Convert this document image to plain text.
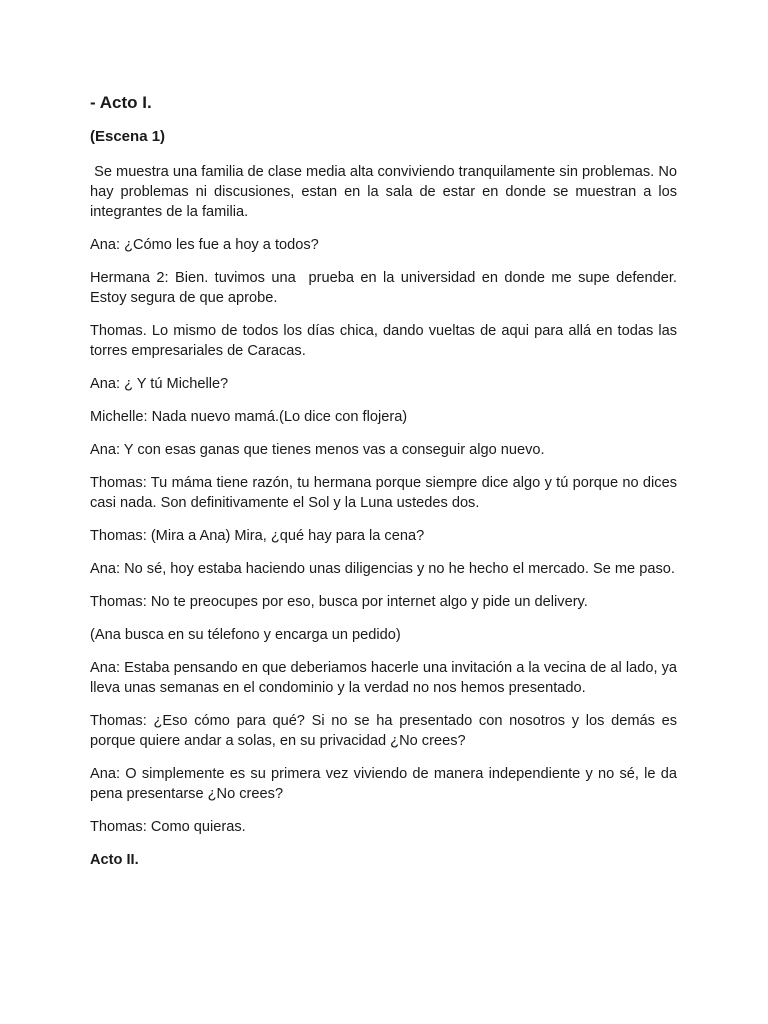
- Acto I.
(Escena 1)

Se muestra una familia de clase media alta conviviendo tranquilamente sin problemas. No hay problemas ni discusiones, estan en la sala de estar en donde se muestran a los integrantes de la familia.

Ana: ¿Cómo les fue a hoy a todos?

Hermana 2: Bien. tuvimos una  prueba en la universidad en donde me supe defender. Estoy segura de que aprobe.

Thomas. Lo mismo de todos los días chica, dando vueltas de aqui para allá en todas las torres empresariales de Caracas.

Ana: ¿ Y tú Michelle?

Michelle: Nada nuevo mamá.(Lo dice con flojera)

Ana: Y con esas ganas que tienes menos vas a conseguir algo nuevo.

Thomas: Tu máma tiene razón, tu hermana porque siempre dice algo y tú porque no dices casi nada. Son definitivamente el Sol y la Luna ustedes dos.

Thomas: (Mira a Ana) Mira, ¿qué hay para la cena?

Ana: No sé, hoy estaba haciendo unas diligencias y no he hecho el mercado. Se me paso.

Thomas: No te preocupes por eso, busca por internet algo y pide un delivery.

(Ana busca en su télefono y encarga un pedido)

Ana: Estaba pensando en que deberiamos hacerle una invitación a la vecina de al lado, ya lleva unas semanas en el condominio y la verdad no nos hemos presentado.

Thomas: ¿Eso cómo para qué? Si no se ha presentado con nosotros y los demás es porque quiere andar a solas, en su privacidad ¿No crees?

Ana: O simplemente es su primera vez viviendo de manera independiente y no sé, le da pena presentarse ¿No crees?

Thomas: Como quieras.

Acto II.
